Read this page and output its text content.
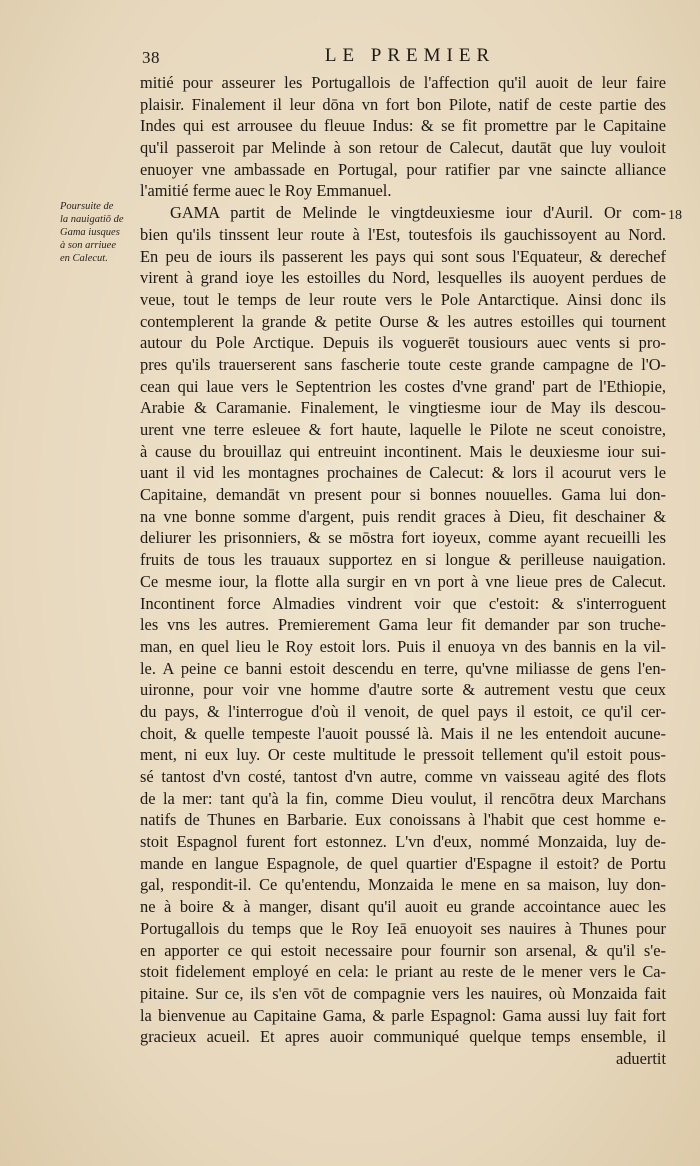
38	LE PREMIER
Poursuite de
la nauigatiō de
Gama iusques
à son arriuee
en Calecut.
18
mitié pour asseurer les Portugallois de l'affection qu'il auoit de leur faire
plaisir. Finalement il leur dōna vn fort bon Pilote, natif de ceste partie des
Indes qui est arrousee du fleuue Indus: & se fit promettre par le Capitaine
qu'il passeroit par Melinde à son retour de Calecut, dautāt que luy vouloit
enuoyer vne ambassade en Portugal, pour ratifier par vne saincte alliance
l'amitié ferme auec le Roy Emmanuel.
GAMA partit de Melinde le vingtdeuxiesme iour d'Auril. Or com-
bien qu'ils tinssent leur route à l'Est, toutesfois ils gauchissoyent au Nord.
En peu de iours ils passerent les pays qui sont sous l'Equateur, & derechef
virent à grand ioye les estoilles du Nord, lesquelles ils auoyent perdues de
veue, tout le temps de leur route vers le Pole Antarctique. Ainsi donc ils
contemplerent la grande & petite Ourse & les autres estoilles qui tournent
autour du Pole Arctique. Depuis ils voguerēt tousiours auec vents si pro-
pres qu'ils trauerserent sans fascherie toute ceste grande campagne de l'O-
cean qui laue vers le Septentrion les costes d'vne grand' part de l'Ethiopie,
Arabie & Caramanie. Finalement, le vingtiesme iour de May ils descou-
urent vne terre esleuee & fort haute, laquelle le Pilote ne sceut conoistre,
à cause du brouillaz qui entreuint incontinent. Mais le deuxiesme iour sui-
uant il vid les montagnes prochaines de Calecut: & lors il acourut vers le
Capitaine, demandāt vn present pour si bonnes nouuelles. Gama lui don-
na vne bonne somme d'argent, puis rendit graces à Dieu, fit deschainer &
deliurer les prisonniers, & se mōstra fort ioyeux, comme ayant recueilli les
fruits de tous les trauaux supportez en si longue & perilleuse nauigation.
Ce mesme iour, la flotte alla surgir en vn port à vne lieue pres de Calecut.
Incontinent force Almadies vindrent voir que c'estoit: & s'interroguent
les vns les autres. Premierement Gama leur fit demander par son truche-
man, en quel lieu le Roy estoit lors. Puis il enuoya vn des bannis en la vil-
le. A peine ce banni estoit descendu en terre, qu'vne miliasse de gens l'en-
uironne, pour voir vne homme d'autre sorte & autrement vestu que ceux
du pays, & l'interrogue d'où il venoit, de quel pays il estoit, ce qu'il cer-
choit, & quelle tempeste l'auoit poussé là. Mais il ne les entendoit aucune-
ment, ni eux luy. Or ceste multitude le pressoit tellement qu'il estoit pous-
sé tantost d'vn costé, tantost d'vn autre, comme vn vaisseau agité des flots
de la mer: tant qu'à la fin, comme Dieu voulut, il rencōtra deux Marchans
natifs de Thunes en Barbarie. Eux conoissans à l'habit que cest homme e-
stoit Espagnol furent fort estonnez. L'vn d'eux, nommé Monzaida, luy de-
mande en langue Espagnole, de quel quartier d'Espagne il estoit? de Portu
gal, respondit-il. Ce qu'entendu, Monzaida le mene en sa maison, luy don-
ne à boire & à manger, disant qu'il auoit eu grande accointance auec les
Portugallois du temps que le Roy Ieā enuoyoit ses nauires à Thunes pour
en apporter ce qui estoit necessaire pour fournir son arsenal, & qu'il s'e-
stoit fidelement employé en cela: le priant au reste de le mener vers le Ca-
pitaine. Sur ce, ils s'en vōt de compagnie vers les nauires, où Monzaida fait
la bienvenue au Capitaine Gama, & parle Espagnol: Gama aussi luy fait fort
gracieux acueil. Et apres auoir communiqué quelque temps ensemble, il
aduertit
